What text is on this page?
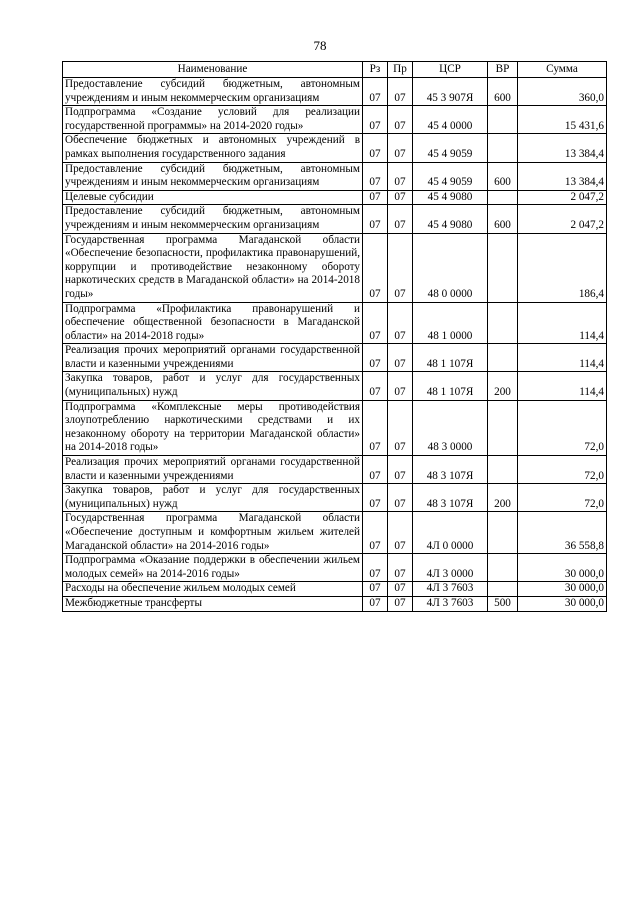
78
Наименование	Рз	Пр	ЦСР	ВР	Сумма
Предоставление субсидий бюджетным, автономным учреждениям и иным некоммерческим организациям	07	07	45 3 907Я	600	360,0
Подпрограмма «Создание условий для реализации государственной программы» на 2014-2020 годы»	07	07	45 4 0000		15 431,6
Обеспечение бюджетных и автономных учреждений в рамках выполнения государственного задания	07	07	45 4 9059		13 384,4
Предоставление субсидий бюджетным, автономным учреждениям и иным некоммерческим организациям	07	07	45 4 9059	600	13 384,4
Целевые субсидии	07	07	45 4 9080		2 047,2
Предоставление субсидий бюджетным, автономным учреждениям и иным некоммерческим организациям	07	07	45 4 9080	600	2 047,2
Государственная программа Магаданской области «Обеспечение безопасности, профилактика правонарушений, коррупции и противодействие незаконному обороту наркотических средств в Магаданской области» на 2014-2018 годы»	07	07	48 0 0000		186,4
Подпрограмма «Профилактика правонарушений и обеспечение общественной безопасности в Магаданской области» на 2014-2018 годы»	07	07	48 1 0000		114,4
Реализация прочих мероприятий органами государственной власти и казенными учреждениями	07	07	48 1 107Я		114,4
Закупка товаров, работ и услуг для государственных (муниципальных) нужд	07	07	48 1 107Я	200	114,4
Подпрограмма «Комплексные меры противодействия злоупотреблению наркотическими средствами и их незаконному обороту на территории Магаданской области» на 2014-2018 годы»	07	07	48 3 0000		72,0
Реализация прочих мероприятий органами государственной власти и казенными учреждениями	07	07	48 3 107Я		72,0
Закупка товаров, работ и услуг для государственных (муниципальных) нужд	07	07	48 3 107Я	200	72,0
Государственная программа Магаданской области «Обеспечение доступным и комфортным жильем жителей Магаданской области» на 2014-2016 годы»	07	07	4Л 0 0000		36 558,8
Подпрограмма «Оказание поддержки в обеспечении жильем молодых семей» на 2014-2016 годы»	07	07	4Л 3 0000		30 000,0
Расходы на обеспечение жильем молодых семей	07	07	4Л 3 7603		30 000,0
Межбюджетные трансферты	07	07	4Л 3 7603	500	30 000,0
